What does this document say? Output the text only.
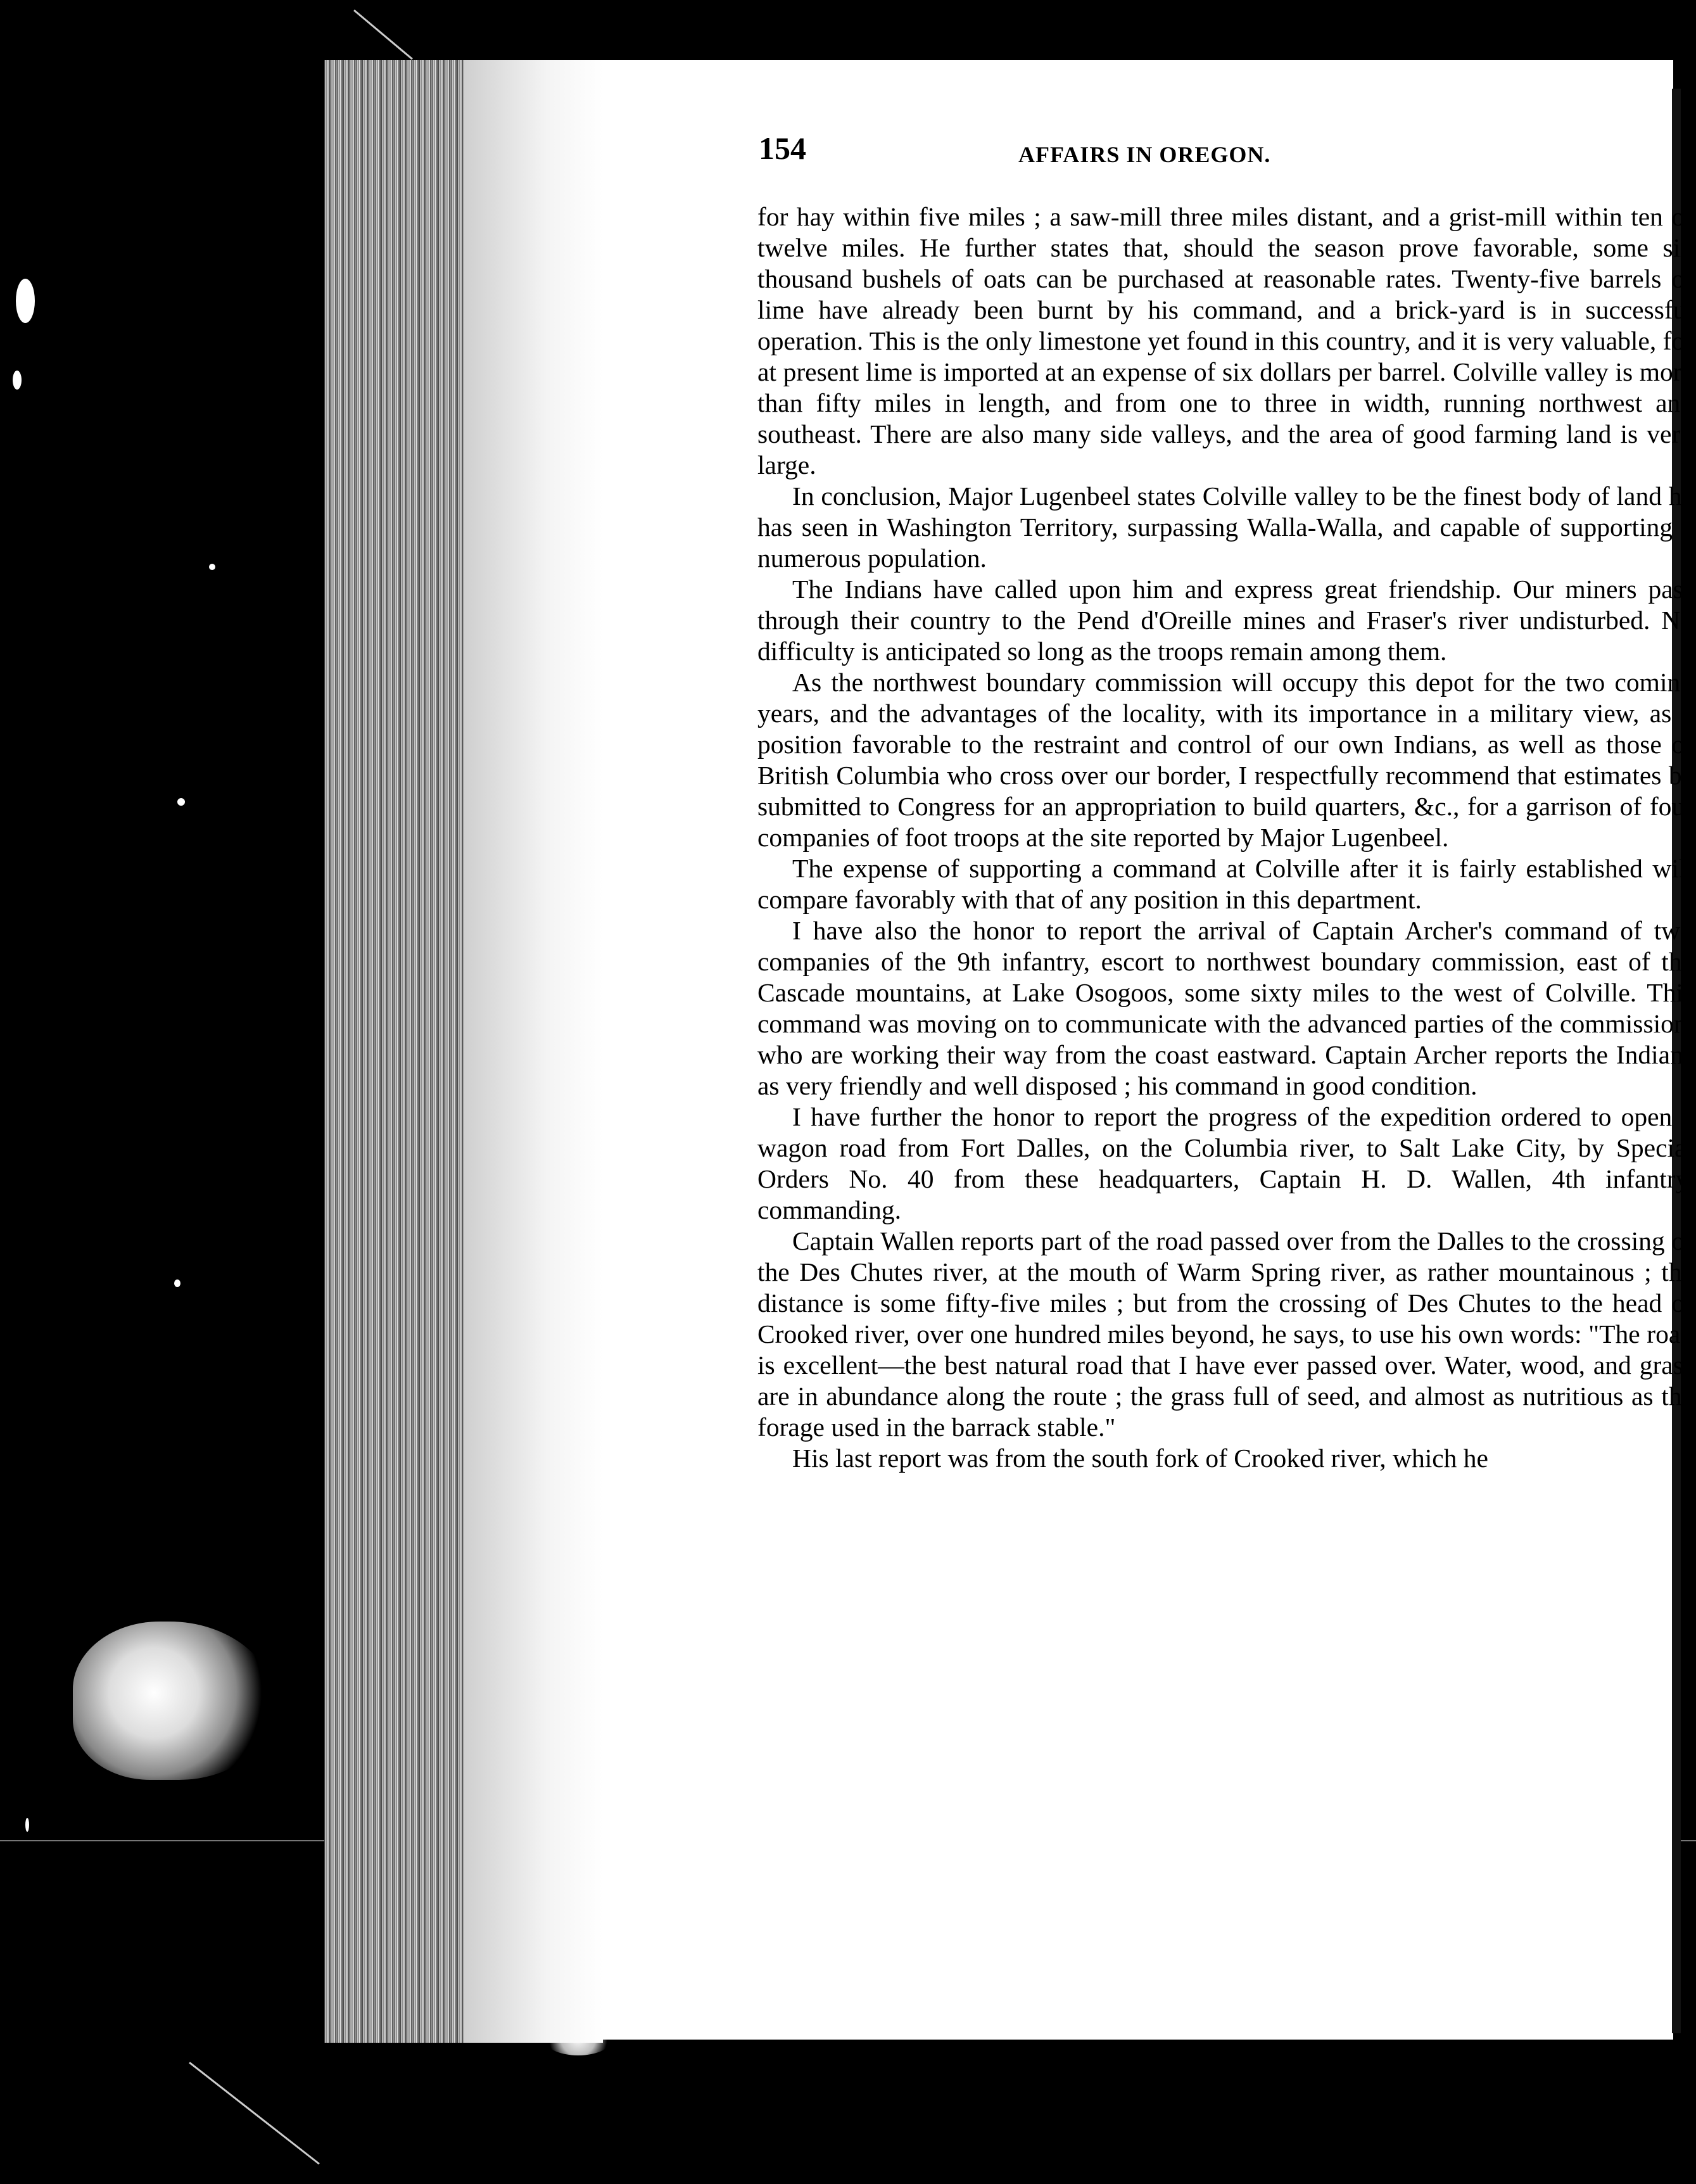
154	AFFAIRS IN OREGON.

for hay within five miles ; a saw-mill three miles distant, and a grist-mill within ten or twelve miles. He further states that, should the season prove favorable, some six thousand bushels of oats can be purchased at reasonable rates. Twenty-five barrels of lime have already been burnt by his command, and a brick-yard is in successful operation. This is the only limestone yet found in this country, and it is very valuable, for at present lime is imported at an expense of six dollars per barrel. Colville valley is more than fifty miles in length, and from one to three in width, running northwest and southeast. There are also many side valleys, and the area of good farming land is very large.

In conclusion, Major Lugenbeel states Colville valley to be the finest body of land he has seen in Washington Territory, surpassing Walla-Walla, and capable of supporting a numerous population.

The Indians have called upon him and express great friendship. Our miners pass through their country to the Pend d'Oreille mines and Fraser's river undisturbed. No difficulty is anticipated so long as the troops remain among them.

As the northwest boundary commission will occupy this depot for the two coming years, and the advantages of the locality, with its importance in a military view, as a position favorable to the restraint and control of our own Indians, as well as those of British Columbia who cross over our border, I respectfully recommend that estimates be submitted to Congress for an appropriation to build quarters, &c., for a garrison of four companies of foot troops at the site reported by Major Lugenbeel.

The expense of supporting a command at Colville after it is fairly established will compare favorably with that of any position in this department.

I have also the honor to report the arrival of Captain Archer's command of two companies of the 9th infantry, escort to northwest boundary commission, east of the Cascade mountains, at Lake Osogoos, some sixty miles to the west of Colville. This command was moving on to communicate with the advanced parties of the commission, who are working their way from the coast eastward. Captain Archer reports the Indians as very friendly and well disposed ; his command in good condition.

I have further the honor to report the progress of the expedition ordered to open a wagon road from Fort Dalles, on the Columbia river, to Salt Lake City, by Special Orders No. 40 from these headquarters, Captain H. D. Wallen, 4th infantry, commanding.

Captain Wallen reports part of the road passed over from the Dalles to the crossing of the Des Chutes river, at the mouth of Warm Spring river, as rather mountainous ; the distance is some fifty-five miles ; but from the crossing of Des Chutes to the head of Crooked river, over one hundred miles beyond, he says, to use his own words: "The road is excellent—the best natural road that I have ever passed over. Water, wood, and grass are in abundance along the route ; the grass full of seed, and almost as nutritious as the forage used in the barrack stable."

His last report was from the south fork of Crooked river, which he
